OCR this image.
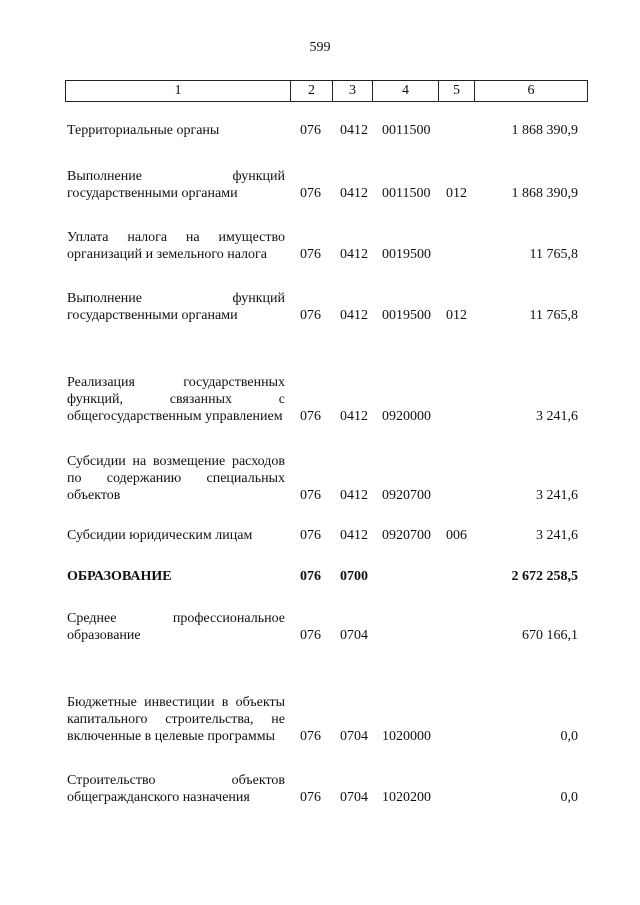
599
1	2	3	4	5	6
Территориальные органы	076 0412 0011500	1 868 390,9
Выполнение функций государственными органами	076 0412 0011500 012	1 868 390,9
Уплата налога на имущество организаций и земельного налога	076 0412 0019500	11 765,8
Выполнение функций государственными органами	076 0412 0019500 012	11 765,8
Реализация государственных функций, связанных с общегосударственным управлением 076 0412 0920000	3 241,6
Субсидии на возмещение расходов по содержанию специальных объектов	076 0412 0920700	3 241,6
Субсидии юридическим лицам	076 0412 0920700 006	3 241,6
ОБРАЗОВАНИЕ	076 0700	2 672 258,5
Среднее профессиональное образование	076 0704	670 166,1
Бюджетные инвестиции в объекты капитального строительства, не включенные в целевые программы	076 0704 1020000	0,0
Строительство объектов общегражданского назначения	076 0704 1020200	0,0
